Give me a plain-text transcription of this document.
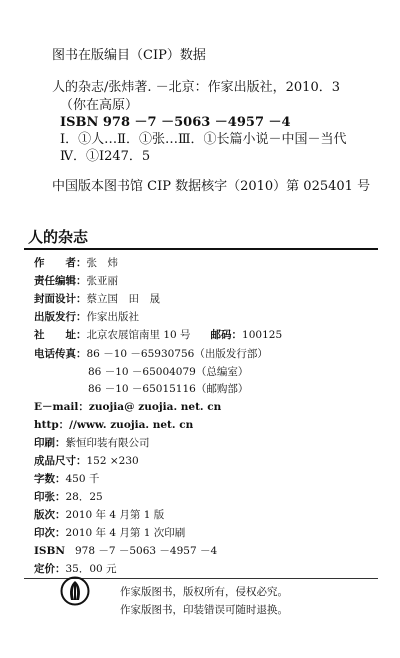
图书在版编目（CIP）数据
人的杂志/张炜著. －北京：作家出版社，2010．3
（你在高原）
ISBN 978 －7 －5063 －4957 －4
Ⅰ．①人…Ⅱ．①张…Ⅲ．①长篇小说－中国－当代
Ⅳ．①I247．5
中国版本图书馆 CIP 数据核字（2010）第 025401 号
人的杂志
作　　者：张　炜
责任编辑：张亚丽
封面设计：蔡立国　田　晟
出版发行：作家出版社
社　　址：北京农展馆南里 10 号 邮码：100125
电话传真：86 －10 －65930756（出版发行部）
86 －10 －65004079（总编室）
86 －10 －65015116（邮购部）
E－mail：zuojia@ zuojia. net. cn
http：//www. zuojia. net. cn
印刷：紫恒印装有限公司
成品尺寸：152 ×230
字数：450 千
印张：28．25
版次：2010 年 4 月第 1 版
印次：2010 年 4 月第 1 次印刷
ISBN 978 －7 －5063 －4957 －4
定价：35．00 元
作家版图书，版权所有，侵权必究。
作家版图书，印装错误可随时退换。
